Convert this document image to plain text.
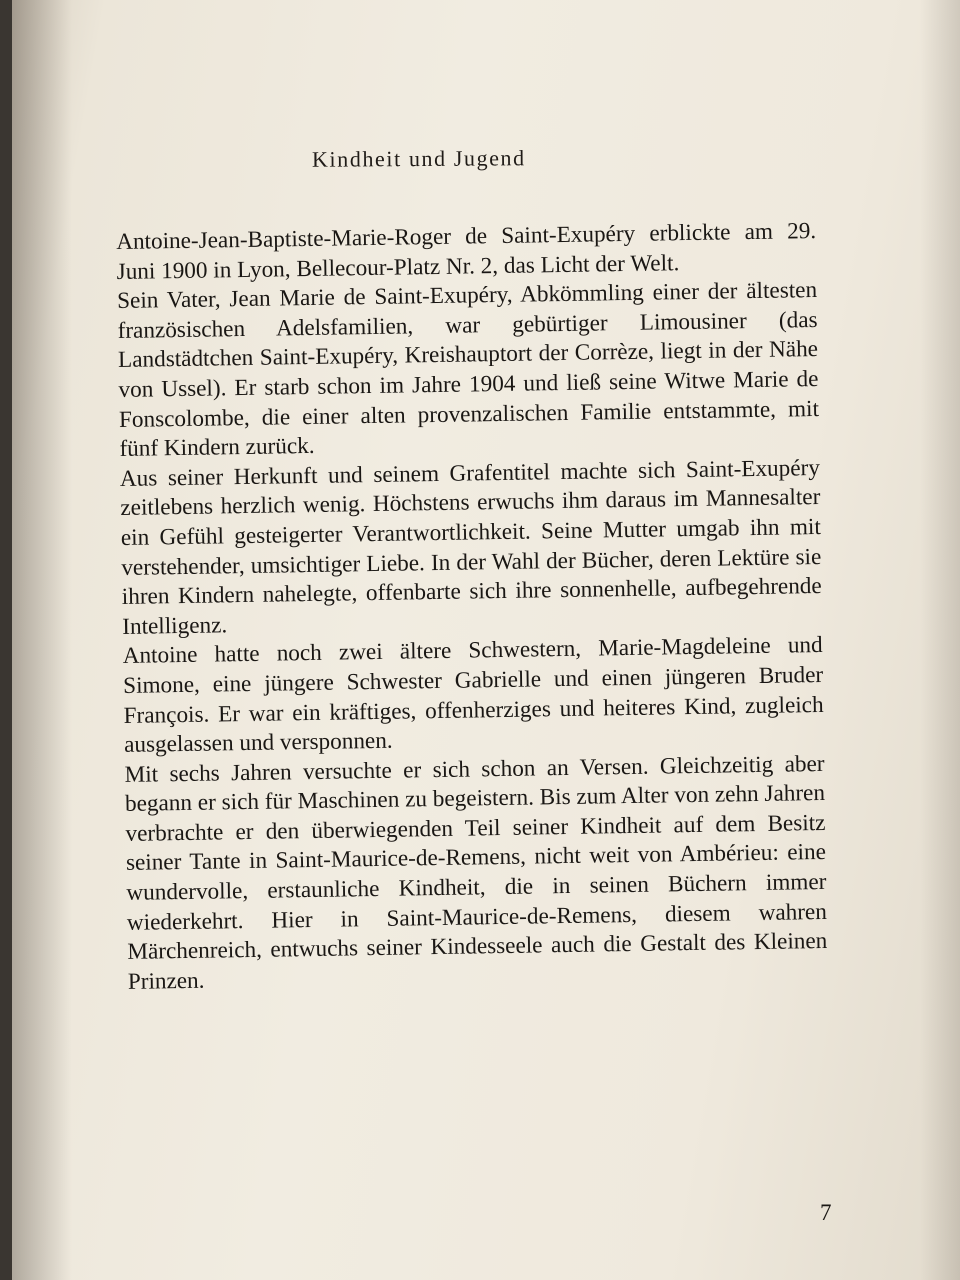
Kindheit und Jugend

Antoine-Jean-Baptiste-Marie-Roger de Saint-Exupéry erblickte am 29. Juni 1900 in Lyon, Bellecour-Platz Nr. 2, das Licht der Welt.

Sein Vater, Jean Marie de Saint-Exupéry, Abkömmling einer der ältesten französischen Adelsfamilien, war gebürtiger Limousiner (das Landstädtchen Saint-Exupéry, Kreishauptort der Corrèze, liegt in der Nähe von Ussel). Er starb schon im Jahre 1904 und ließ seine Witwe Marie de Fonscolombe, die einer alten provenzalischen Familie entstammte, mit fünf Kindern zurück.

Aus seiner Herkunft und seinem Grafentitel machte sich Saint-Exupéry zeitlebens herzlich wenig. Höchstens erwuchs ihm daraus im Mannesalter ein Gefühl gesteigerter Verantwortlichkeit. Seine Mutter umgab ihn mit verstehender, umsichtiger Liebe. In der Wahl der Bücher, deren Lektüre sie ihren Kindern nahelegte, offenbarte sich ihre sonnenhelle, aufbegehrende Intelligenz.

Antoine hatte noch zwei ältere Schwestern, Marie-Magdeleine und Simone, eine jüngere Schwester Gabrielle und einen jüngeren Bruder François. Er war ein kräftiges, offenherziges und heiteres Kind, zugleich ausgelassen und versponnen.

Mit sechs Jahren versuchte er sich schon an Versen. Gleichzeitig aber begann er sich für Maschinen zu begeistern. Bis zum Alter von zehn Jahren verbrachte er den überwiegenden Teil seiner Kindheit auf dem Besitz seiner Tante in Saint-Maurice-de-Remens, nicht weit von Ambérieu: eine wundervolle, erstaunliche Kindheit, die in seinen Büchern immer wiederkehrt. Hier in Saint-Maurice-de-Remens, diesem wahren Märchenreich, entwuchs seiner Kindesseele auch die Gestalt des Kleinen Prinzen.

7
